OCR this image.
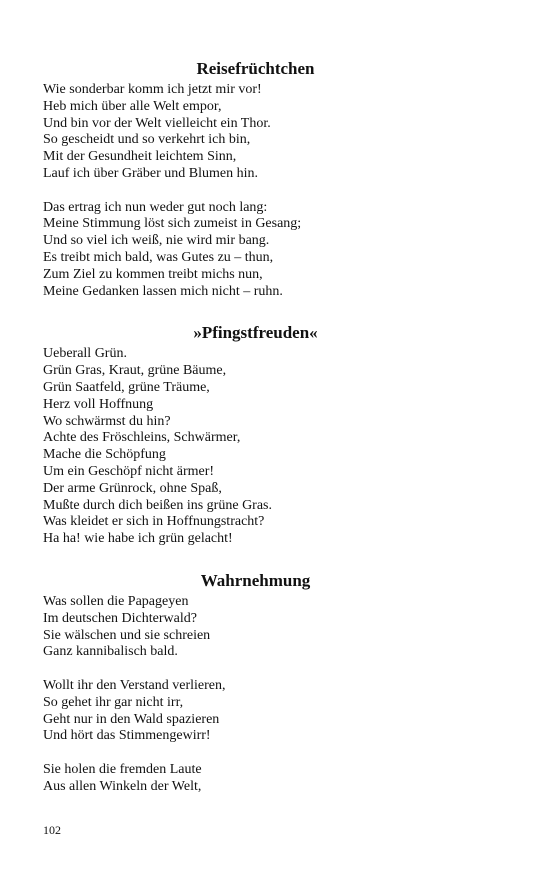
Reisefrüchtchen
Wie sonderbar komm ich jetzt mir vor!
Heb mich über alle Welt empor,
Und bin vor der Welt vielleicht ein Thor.
So gescheidt und so verkehrt ich bin,
Mit der Gesundheit leichtem Sinn,
Lauf ich über Gräber und Blumen hin.
Das ertrag ich nun weder gut noch lang:
Meine Stimmung löst sich zumeist in Gesang;
Und so viel ich weiß, nie wird mir bang.
Es treibt mich bald, was Gutes zu – thun,
Zum Ziel zu kommen treibt michs nun,
Meine Gedanken lassen mich nicht – ruhn.
»Pfingstfreuden«
Ueberall Grün.
Grün Gras, Kraut, grüne Bäume,
Grün Saatfeld, grüne Träume,
Herz voll Hoffnung
Wo schwärmst du hin?
Achte des Fröschleins, Schwärmer,
Mache die Schöpfung
Um ein Geschöpf nicht ärmer!
Der arme Grünrock, ohne Spaß,
Mußte durch dich beißen ins grüne Gras.
Was kleidet er sich in Hoffnungstracht?
Ha ha! wie habe ich grün gelacht!
Wahrnehmung
Was sollen die Papageyen
Im deutschen Dichterwald?
Sie wälschen und sie schreien
Ganz kannibalisch bald.
Wollt ihr den Verstand verlieren,
So gehet ihr gar nicht irr,
Geht nur in den Wald spazieren
Und hört das Stimmengewirr!
Sie holen die fremden Laute
Aus allen Winkeln der Welt,
102
